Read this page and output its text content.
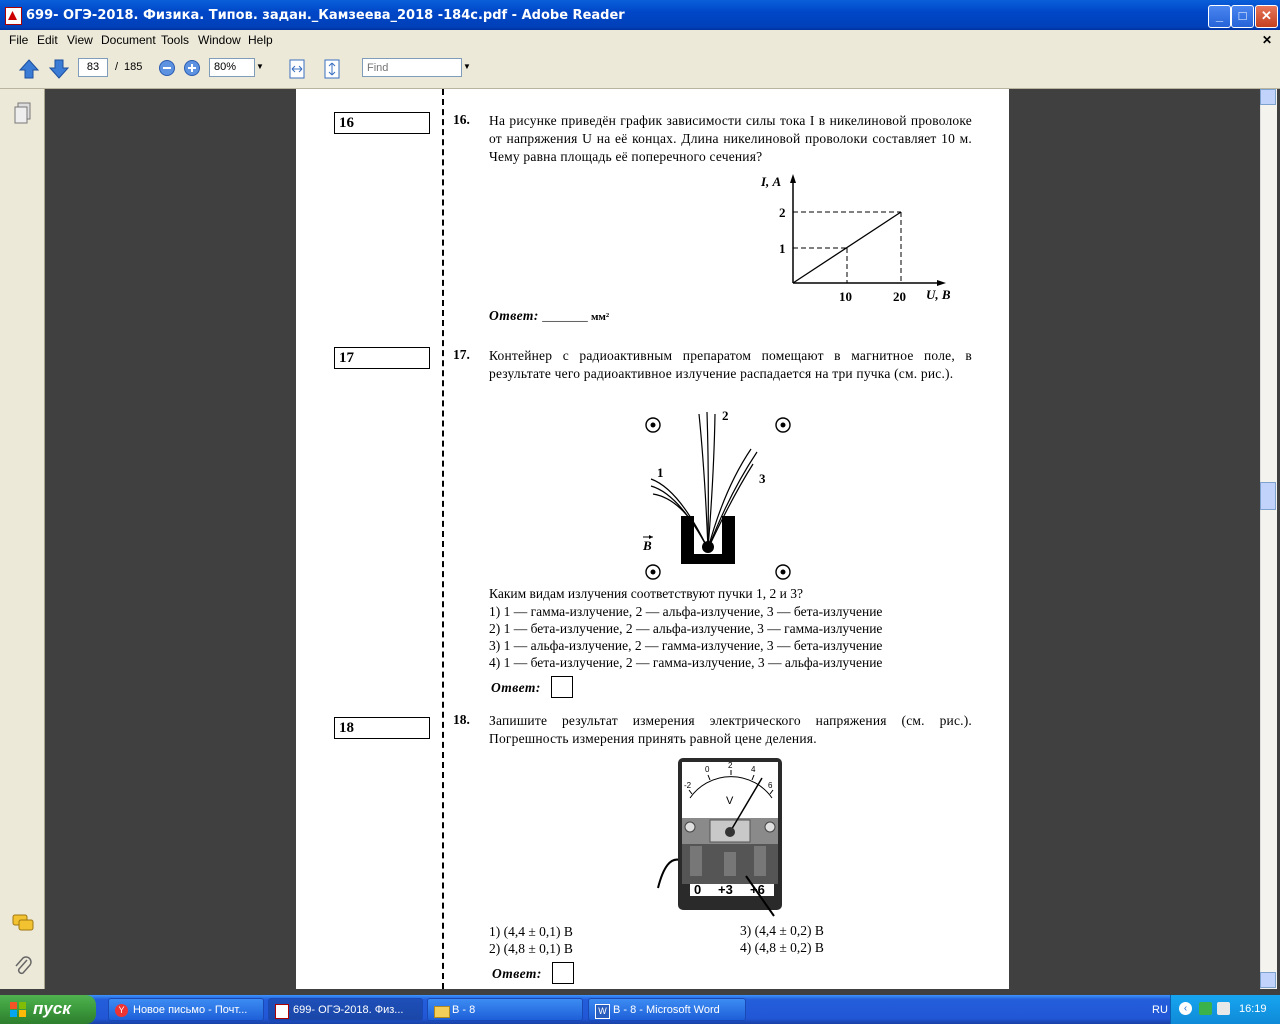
699- ОГЭ-2018. Физика. Типов. задан._Камзеева_2018 -184с.pdf - Adobe Reader	_	□	✕
File Edit View Document Tools Window Help	✕
83	/ 185	80%	▼
Find	▼
16	16. На рисунке приведён график зависимости силы тока I в никелиновой проволоке от напряжения U на её концах. Длина никелиновой проволоки составляет 10 м. Чему равна площадь её поперечного сечения?
I, А
1
2
10	20 U, В
Ответ: _______ мм²
17	17. Контейнер с радиоактивным препаратом помещают в магнитное поле, в результате чего радиоактивное излучение распадается на три пучка (см. рис.).
2
1	3
B
Каким видам излучения соответствуют пучки 1, 2 и 3?
1) 1 — гамма-излучение, 2 — альфа-излучение, 3 — бета-излучение
2) 1 — бета-излучение, 2 — альфа-излучение, 3 — гамма-излучение
3) 1 — альфа-излучение, 2 — гамма-излучение, 3 — бета-излучение
4) 1 — бета-излучение, 2 — гамма-излучение, 3 — альфа-излучение
Ответ:
18
18. Запишите результат измерения электрического напряжения (см. рис.). Погрешность измерения принять равной цене деления.
-2
0 2 4
6
V
0 +3 +6
1) (4,4 ± 0,1) В
2) (4,8 ± 0,1) В
3) (4,4 ± 0,2) В
4) (4,8 ± 0,2) В
Ответ:
пуск	Y Новое письмо - Почт...	699- ОГЭ-2018. Физ...	В - 8	W В - 8 - Microsoft Word	RU	‹	16:19
